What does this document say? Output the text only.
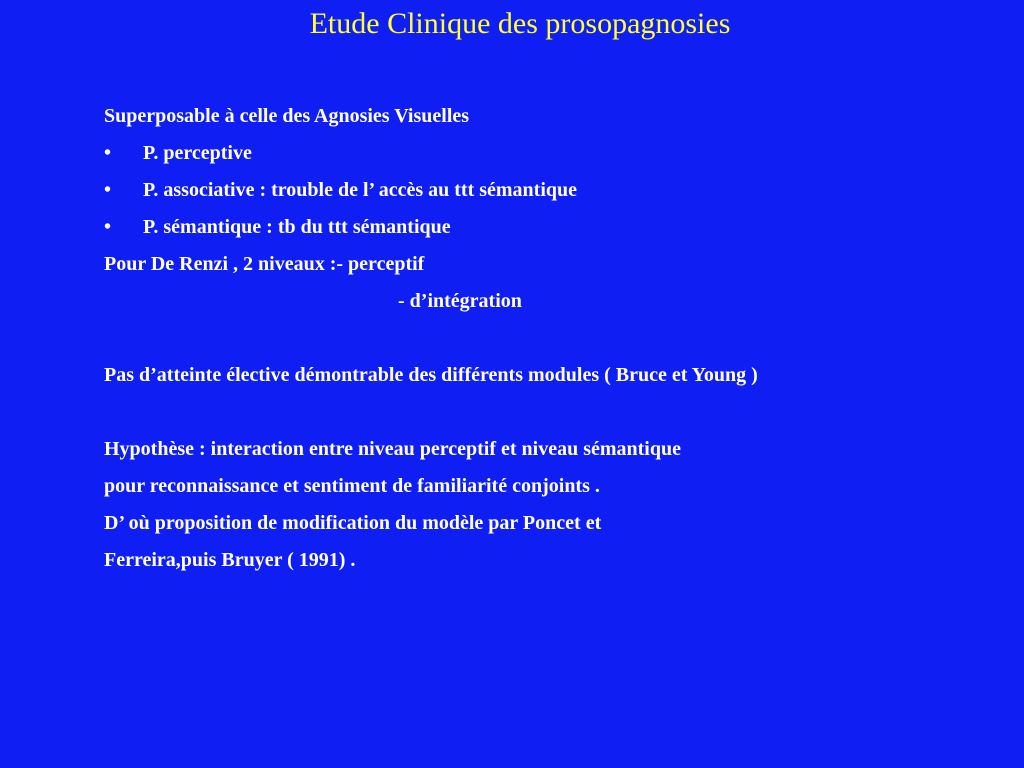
Etude Clinique des prosopagnosies
Superposable à celle des Agnosies Visuelles
•	P. perceptive
•	P. associative : trouble de l’ accès au ttt sémantique
•	P. sémantique : tb du ttt sémantique
Pour De Renzi , 2 niveaux :- perceptif
- d’intégration
Pas d’atteinte élective démontrable des différents modules ( Bruce et Young )
Hypothèse : interaction entre niveau perceptif et niveau sémantique
pour reconnaissance et sentiment de familiarité conjoints .
D’ où proposition de modification du modèle par Poncet et
Ferreira,puis Bruyer ( 1991) .
